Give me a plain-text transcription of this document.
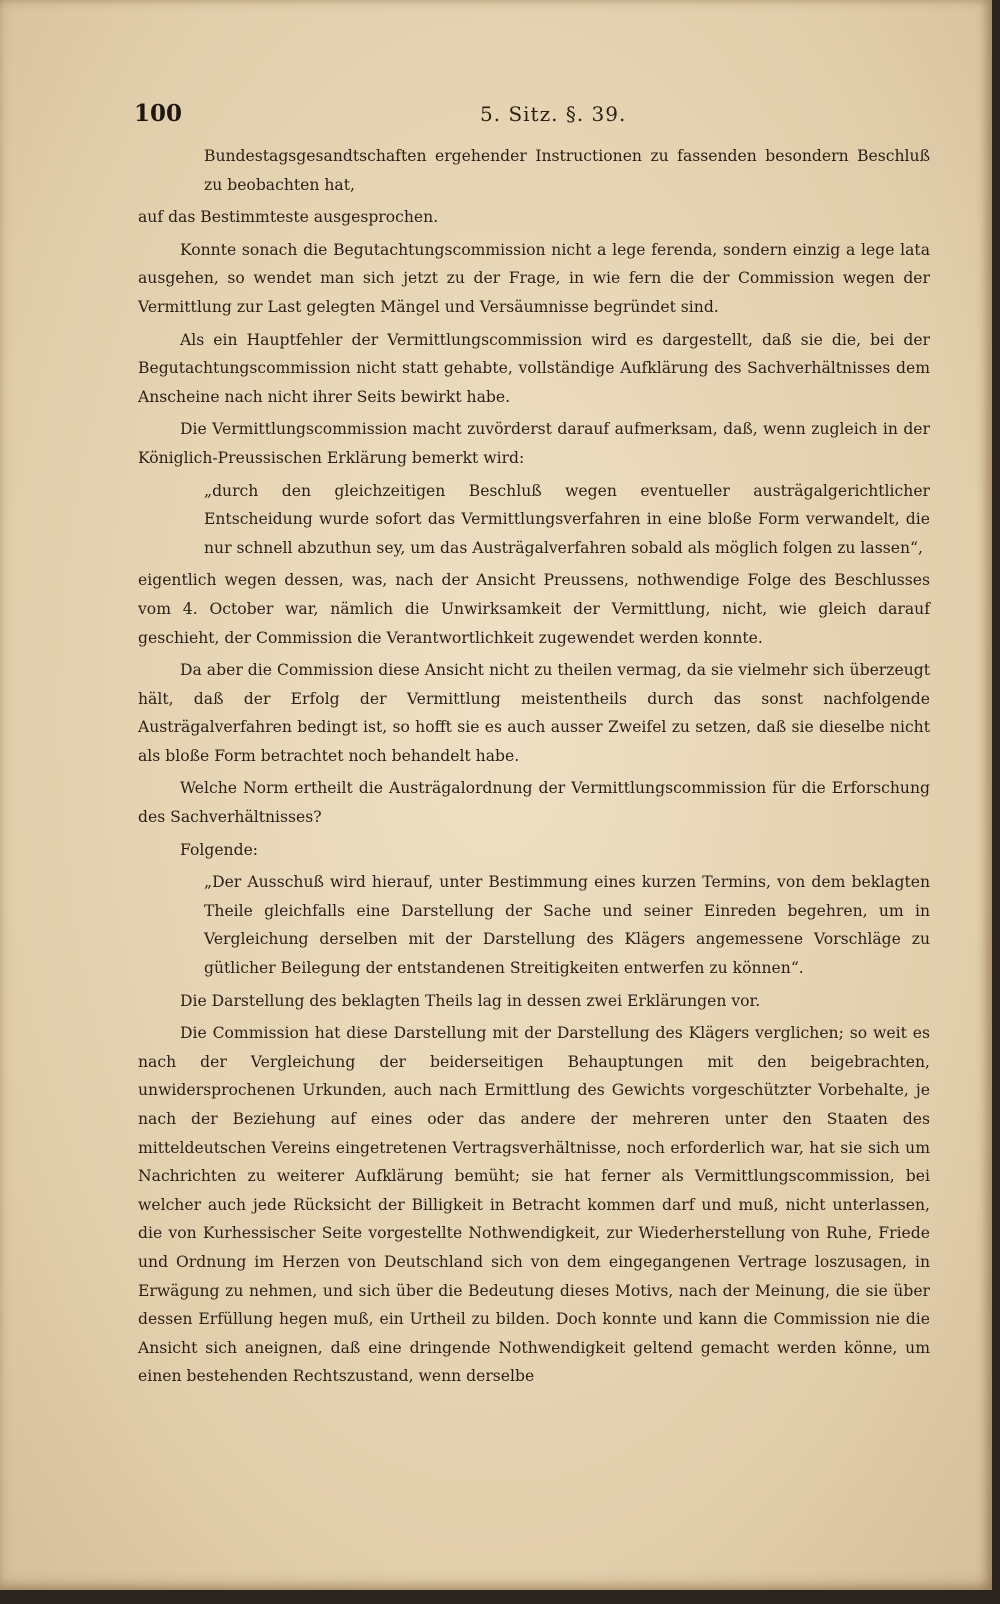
100	5. Sitz. §. 39.

Bundestagsgesandtschaften ergehender Instructionen zu fassenden besondern Beschluß zu beobachten hat,

auf das Bestimmteste ausgesprochen.

Konnte sonach die Begutachtungscommission nicht a lege ferenda, sondern einzig a lege lata ausgehen, so wendet man sich jetzt zu der Frage, in wie fern die der Commission wegen der Vermittlung zur Last gelegten Mängel und Versäumnisse begründet sind.

Als ein Hauptfehler der Vermittlungscommission wird es dargestellt, daß sie die, bei der Begutachtungscommission nicht statt gehabte, vollständige Aufklärung des Sachverhältnisses dem Anscheine nach nicht ihrer Seits bewirkt habe.

Die Vermittlungscommission macht zuvörderst darauf aufmerksam, daß, wenn zugleich in der Königlich-Preussischen Erklärung bemerkt wird:

„durch den gleichzeitigen Beschluß wegen eventueller austrägalgerichtlicher Entscheidung wurde sofort das Vermittlungsverfahren in eine bloße Form verwandelt, die nur schnell abzuthun sey, um das Austrägalverfahren sobald als möglich folgen zu lassen“,

eigentlich wegen dessen, was, nach der Ansicht Preussens, nothwendige Folge des Beschlusses vom 4. October war, nämlich die Unwirksamkeit der Vermittlung, nicht, wie gleich darauf geschieht, der Commission die Verantwortlichkeit zugewendet werden konnte.

Da aber die Commission diese Ansicht nicht zu theilen vermag, da sie vielmehr sich überzeugt hält, daß der Erfolg der Vermittlung meistentheils durch das sonst nachfolgende Austrägalverfahren bedingt ist, so hofft sie es auch ausser Zweifel zu setzen, daß sie dieselbe nicht als bloße Form betrachtet noch behandelt habe.

Welche Norm ertheilt die Austrägalordnung der Vermittlungscommission für die Erforschung des Sachverhältnisses?

Folgende:

„Der Ausschuß wird hierauf, unter Bestimmung eines kurzen Termins, von dem beklagten Theile gleichfalls eine Darstellung der Sache und seiner Einreden begehren, um in Vergleichung derselben mit der Darstellung des Klägers angemessene Vorschläge zu gütlicher Beilegung der entstandenen Streitigkeiten entwerfen zu können“.

Die Darstellung des beklagten Theils lag in dessen zwei Erklärungen vor.

Die Commission hat diese Darstellung mit der Darstellung des Klägers verglichen; so weit es nach der Vergleichung der beiderseitigen Behauptungen mit den beigebrachten, unwidersprochenen Urkunden, auch nach Ermittlung des Gewichts vorgeschützter Vorbehalte, je nach der Beziehung auf eines oder das andere der mehreren unter den Staaten des mitteldeutschen Vereins eingetretenen Vertragsverhältnisse, noch erforderlich war, hat sie sich um Nachrichten zu weiterer Aufklärung bemüht; sie hat ferner als Vermittlungscommission, bei welcher auch jede Rücksicht der Billigkeit in Betracht kommen darf und muß, nicht unterlassen, die von Kurhessischer Seite vorgestellte Nothwendigkeit, zur Wiederherstellung von Ruhe, Friede und Ordnung im Herzen von Deutschland sich von dem eingegangenen Vertrage loszusagen, in Erwägung zu nehmen, und sich über die Bedeutung dieses Motivs, nach der Meinung, die sie über dessen Erfüllung hegen muß, ein Urtheil zu bilden. Doch konnte und kann die Commission nie die Ansicht sich aneignen, daß eine dringende Nothwendigkeit geltend gemacht werden könne, um einen bestehenden Rechtszustand, wenn derselbe
